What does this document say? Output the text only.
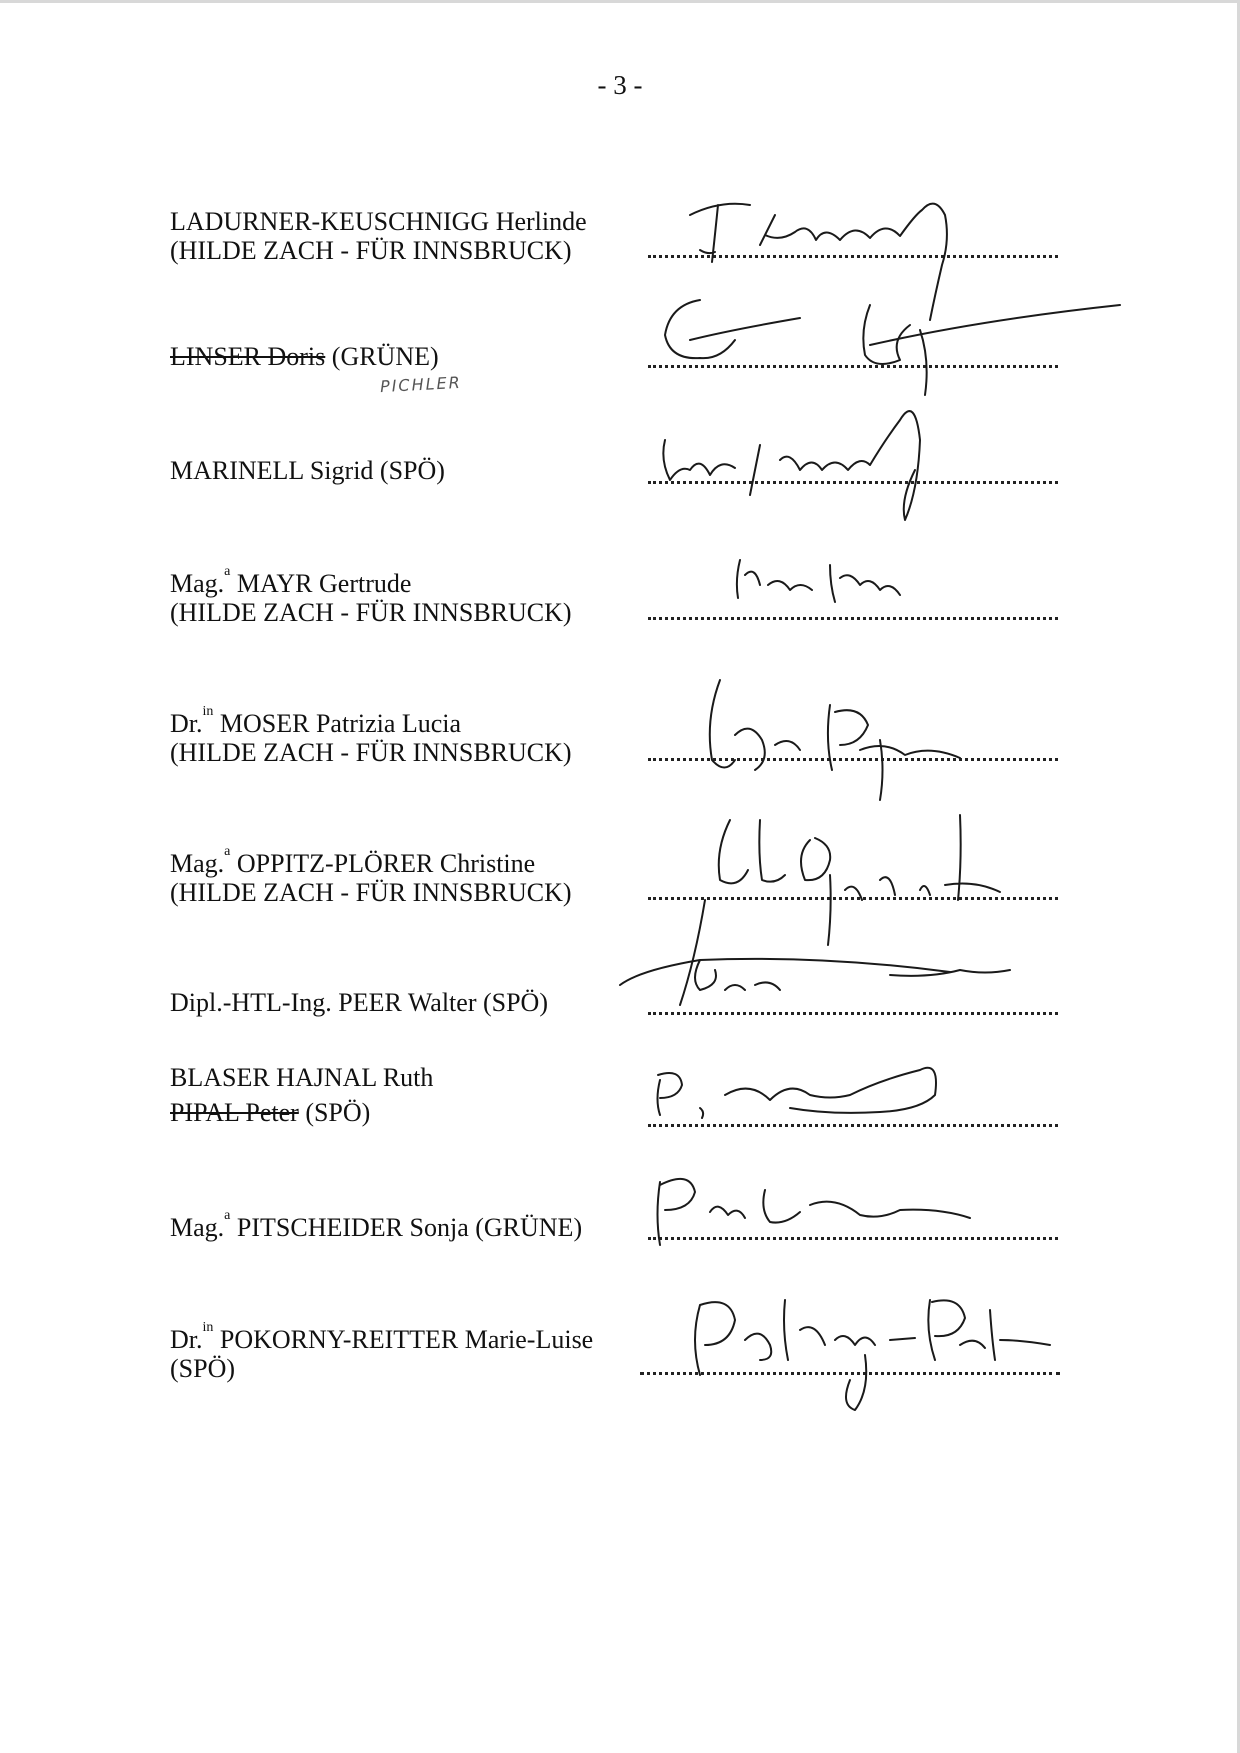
- 3 -
LADURNER-KEUSCHNIGG Herlinde
(HILDE ZACH - FÜR INNSBRUCK)
LINSER Doris (GRÜNE)
PICHLER
MARINELL Sigrid (SPÖ)
Mag.$^a$ MAYR Gertrude
(HILDE ZACH - FÜR INNSBRUCK)
Dr.$^{in}$ MOSER Patrizia Lucia
(HILDE ZACH - FÜR INNSBRUCK)
Mag.$^a$ OPPITZ-PLÖRER Christine
(HILDE ZACH - FÜR INNSBRUCK)
Dipl.-HTL-Ing. PEER Walter (SPÖ)
BLASER HAJNAL Ruth
PIPAL Peter (SPÖ)
Mag.$^a$ PITSCHEIDER Sonja (GRÜNE)
Dr.$^{in}$ POKORNY-REITTER Marie-Luise
(SPÖ)
